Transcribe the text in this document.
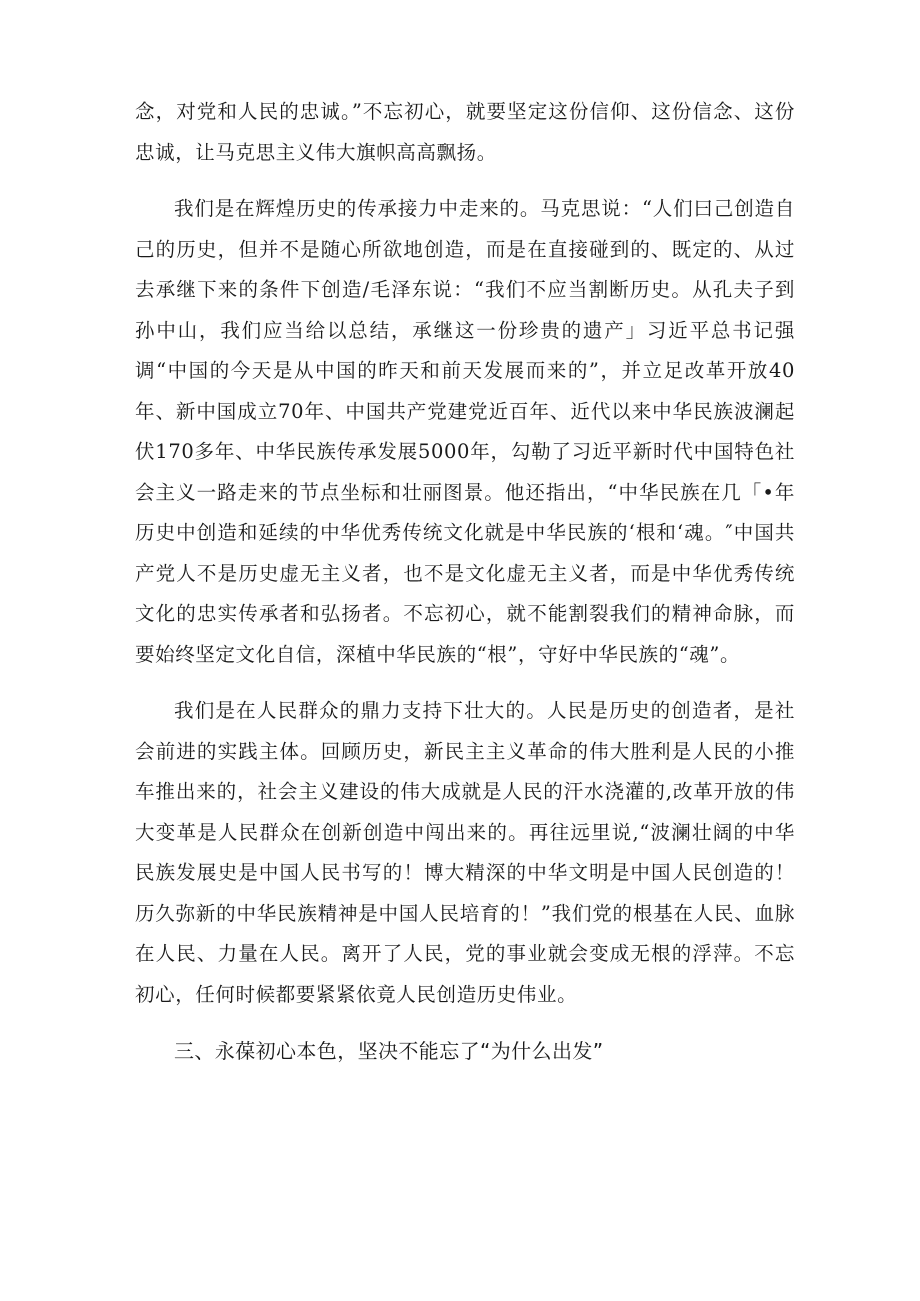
念，对党和人民的忠诚。”不忘初心，就要坚定这份信仰、这份信念、这份忠诚，让马克思主义伟大旗帜高高飘扬。

我们是在辉煌历史的传承接力中走来的。马克思说：“人们曰己创造自己的历史，但并不是随心所欲地创造，而是在直接碰到的、既定的、从过去承继下来的条件下创造/毛泽东说：“我们不应当割断历史。从孔夫子到孙中山，我们应当给以总结，承继这一份珍贵的遗产」习近平总书记强调“中国的今天是从中国的昨天和前天发展而来的”，并立足改革开放40年、新中国成立70年、中国共产党建党近百年、近代以来中华民族波澜起伏170多年、中华民族传承发展5000年，勾勒了习近平新时代中国特色社会主义一路走来的节点坐标和壮丽图景。他还指出，“中华民族在几「•年历史中创造和延续的中华优秀传统文化就是中华民族的‘根和‘魂。″中国共产党人不是历史虚无主义者，也不是文化虚无主义者，而是中华优秀传统文化的忠实传承者和弘扬者。不忘初心，就不能割裂我们的精神命脉，而要始终坚定文化自信，深植中华民族的“根”，守好中华民族的“魂”。

我们是在人民群众的鼎力支持下壮大的。人民是历史的创造者，是社会前进的实践主体。回顾历史，新民主主义革命的伟大胜利是人民的小推车推出来的，社会主义建设的伟大成就是人民的汗水浇灌的,改革开放的伟大变革是人民群众在创新创造中闯出来的。再往远里说,“波澜壮阔的中华民族发展史是中国人民书写的！博大精深的中华文明是中国人民创造的！历久弥新的中华民族精神是中国人民培育的！”我们党的根基在人民、血脉在人民、力量在人民。离开了人民，党的事业就会变成无根的浮萍。不忘初心，任何时候都要紧紧依竟人民创造历史伟业。

三、永葆初心本色，坚决不能忘了“为什么出发”
